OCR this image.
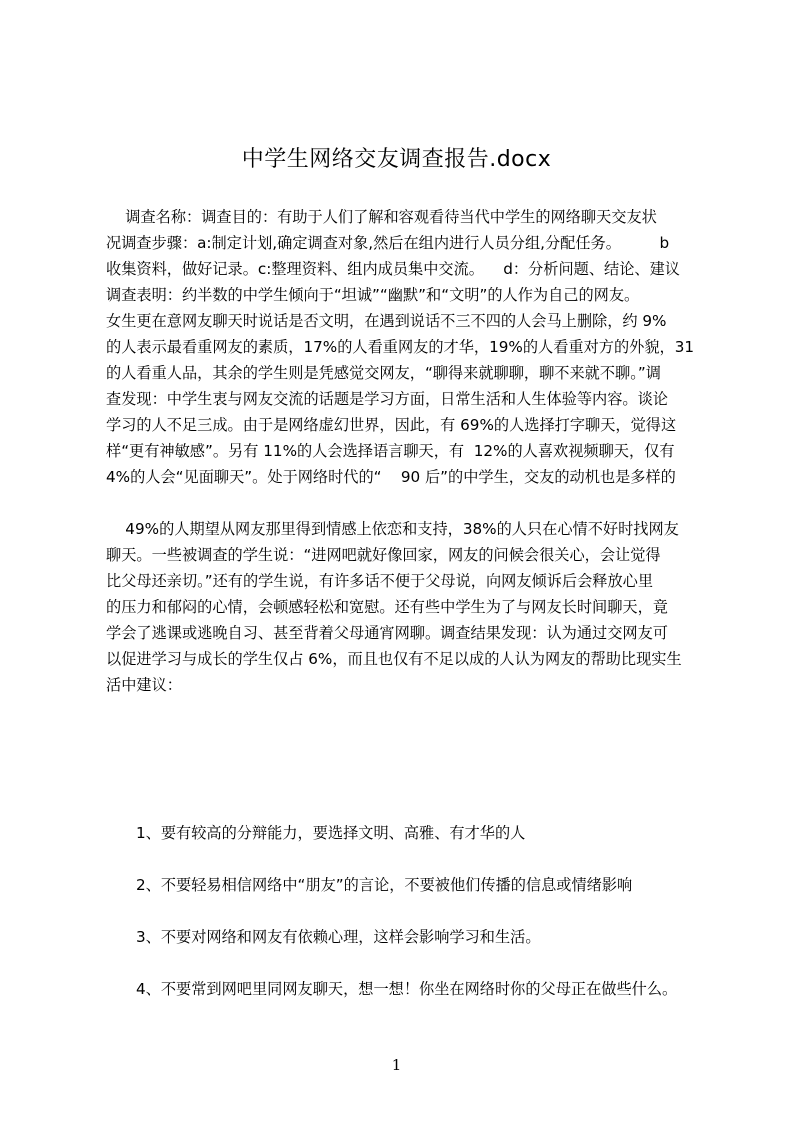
中学生网络交友调查报告.docx
调查名称：调查目的：有助于人们了解和容观看待当代中学生的网络聊天交友状
况调查步骤：a:制定计划,确定调查对象,然后在组内进行人员分组,分配任务。        b
收集资料，做好记录。c:整理资料、组内成员集中交流。    d：分析问题、结论、建议
调查表明：约半数的中学生倾向于“坦诚”“幽默”和“文明”的人作为自己的网友。
女生更在意网友聊天时说话是否文明，在遇到说话不三不四的人会马上删除，约 9%
的人表示最看重网友的素质，17%的人看重网友的才华，19%的人看重对方的外貌，31
的人看重人品，其余的学生则是凭感觉交网友，“聊得来就聊聊，聊不来就不聊。”调
查发现：中学生衷与网友交流的话题是学习方面，日常生活和人生体验等内容。谈论
学习的人不足三成。由于是网络虚幻世界，因此，有 69%的人选择打字聊天，觉得这
样“更有神敏感”。另有 11%的人会选择语言聊天，有  12%的人喜欢视频聊天，仅有
4%的人会“见面聊天”。处于网络时代的“    90 后”的中学生，交友的动机也是多样的
49%的人期望从网友那里得到情感上依恋和支持，38%的人只在心情不好时找网友
聊天。一些被调查的学生说：“进网吧就好像回家，网友的问候会很关心，会让觉得
比父母还亲切。”还有的学生说，有许多话不便于父母说，向网友倾诉后会释放心里
的压力和郁闷的心情，会顿感轻松和宽慰。还有些中学生为了与网友长时间聊天，竟
学会了逃课或逃晚自习、甚至背着父母通宵网聊。调查结果发现：认为通过交网友可
以促进学习与成长的学生仅占 6%，而且也仅有不足以成的人认为网友的帮助比现实生
活中建议：
1、要有较高的分辩能力，要选择文明、高雅、有才华的人
2、不要轻易相信网络中“朋友”的言论，不要被他们传播的信息或情绪影响
3、不要对网络和网友有依赖心理，这样会影响学习和生活。
4、不要常到网吧里同网友聊天，想一想！你坐在网络时你的父母正在做些什么。
1
